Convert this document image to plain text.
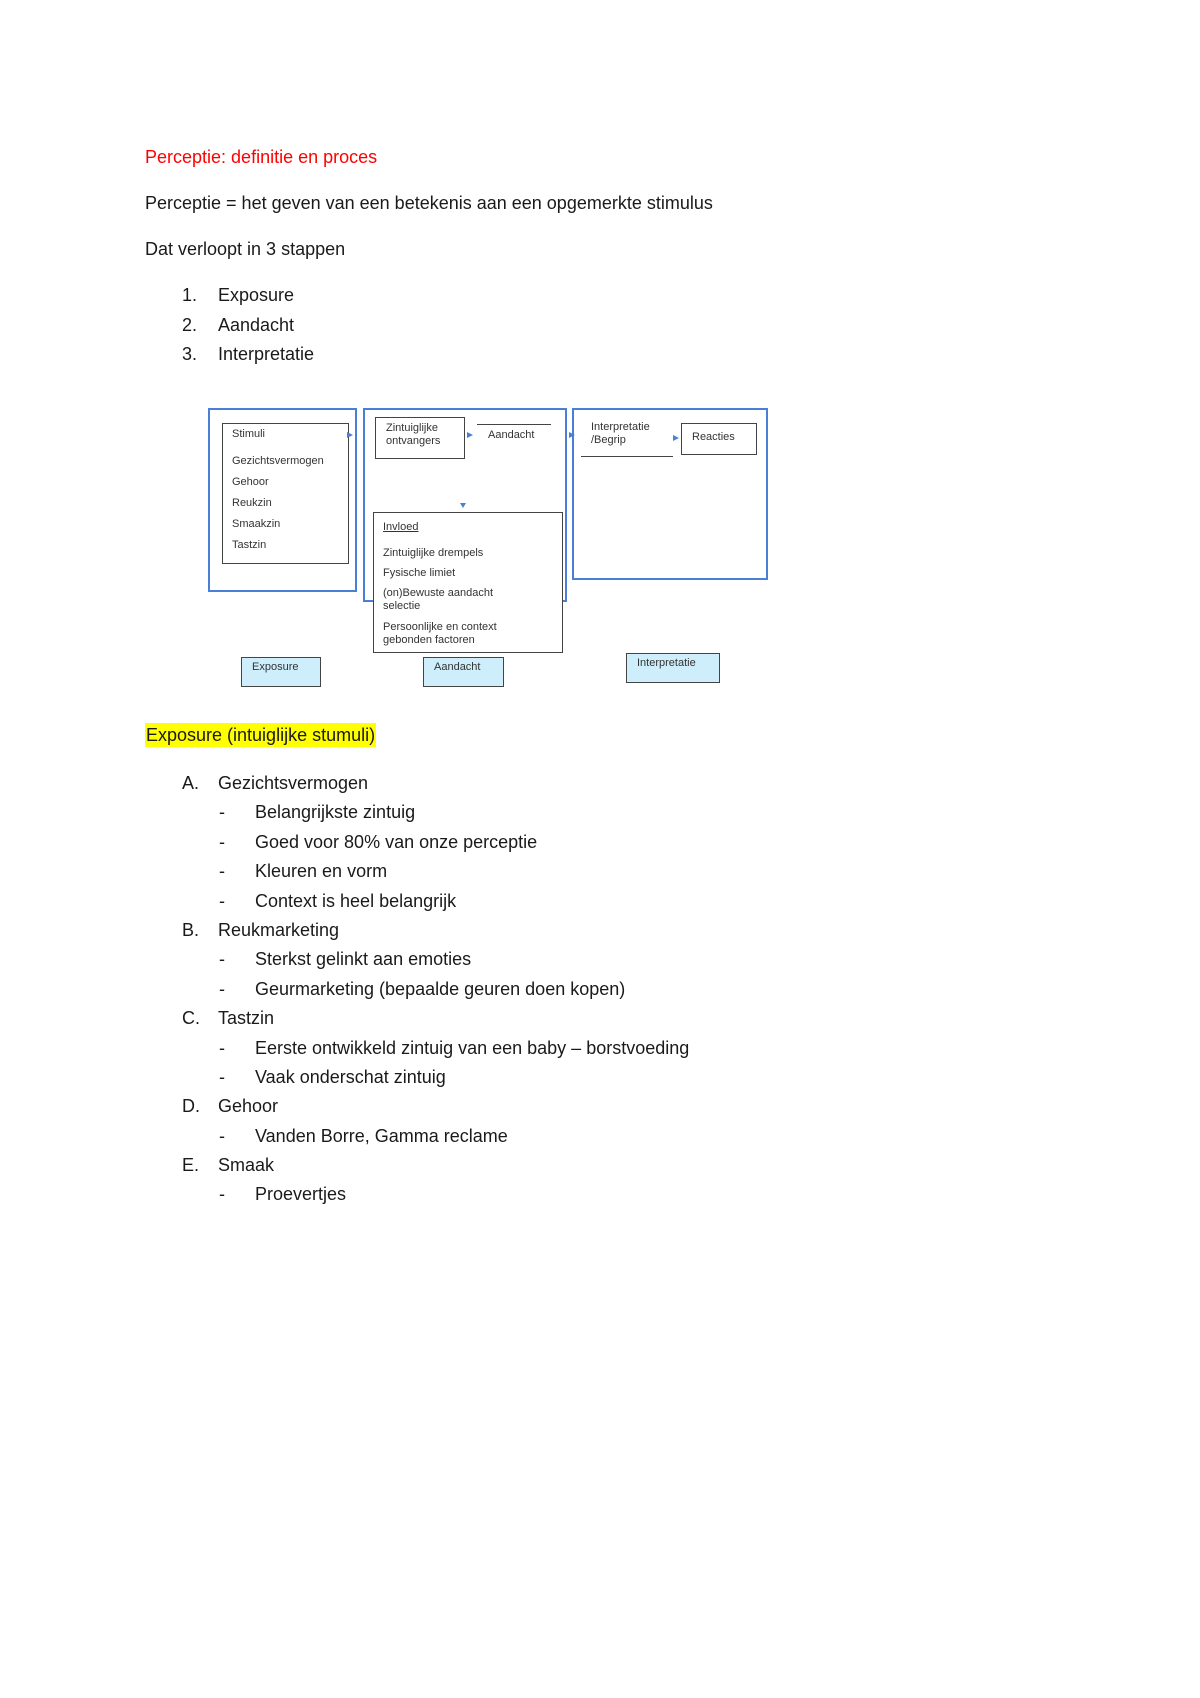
Perceptie: definitie en proces
Perceptie = het geven van een betekenis aan een opgemerkte stimulus
Dat verloopt in 3 stappen
1. Exposure
2. Aandacht
3. Interpretatie
Stimuli
Gezichtsvermogen
Gehoor
Reukzin
Smaakzin
Tastzin
Zintuiglijke ontvangers	Aandacht
Invloed
Zintuiglijke drempels
Fysische limiet
(on)Bewuste aandacht selectie
Persoonlijke en context gebonden factoren
Interpretatie /Begrip	Reacties
Exposure	Aandacht	Interpretatie
Exposure (intuiglijke stumuli)
A. Gezichtsvermogen
- Belangrijkste zintuig
- Goed voor 80% van onze perceptie
- Kleuren en vorm
- Context is heel belangrijk
B. Reukmarketing
- Sterkst gelinkt aan emoties
- Geurmarketing (bepaalde geuren doen kopen)
C. Tastzin
- Eerste ontwikkeld zintuig van een baby – borstvoeding
- Vaak onderschat zintuig
D. Gehoor
- Vanden Borre, Gamma reclame
E. Smaak
- Proevertjes
